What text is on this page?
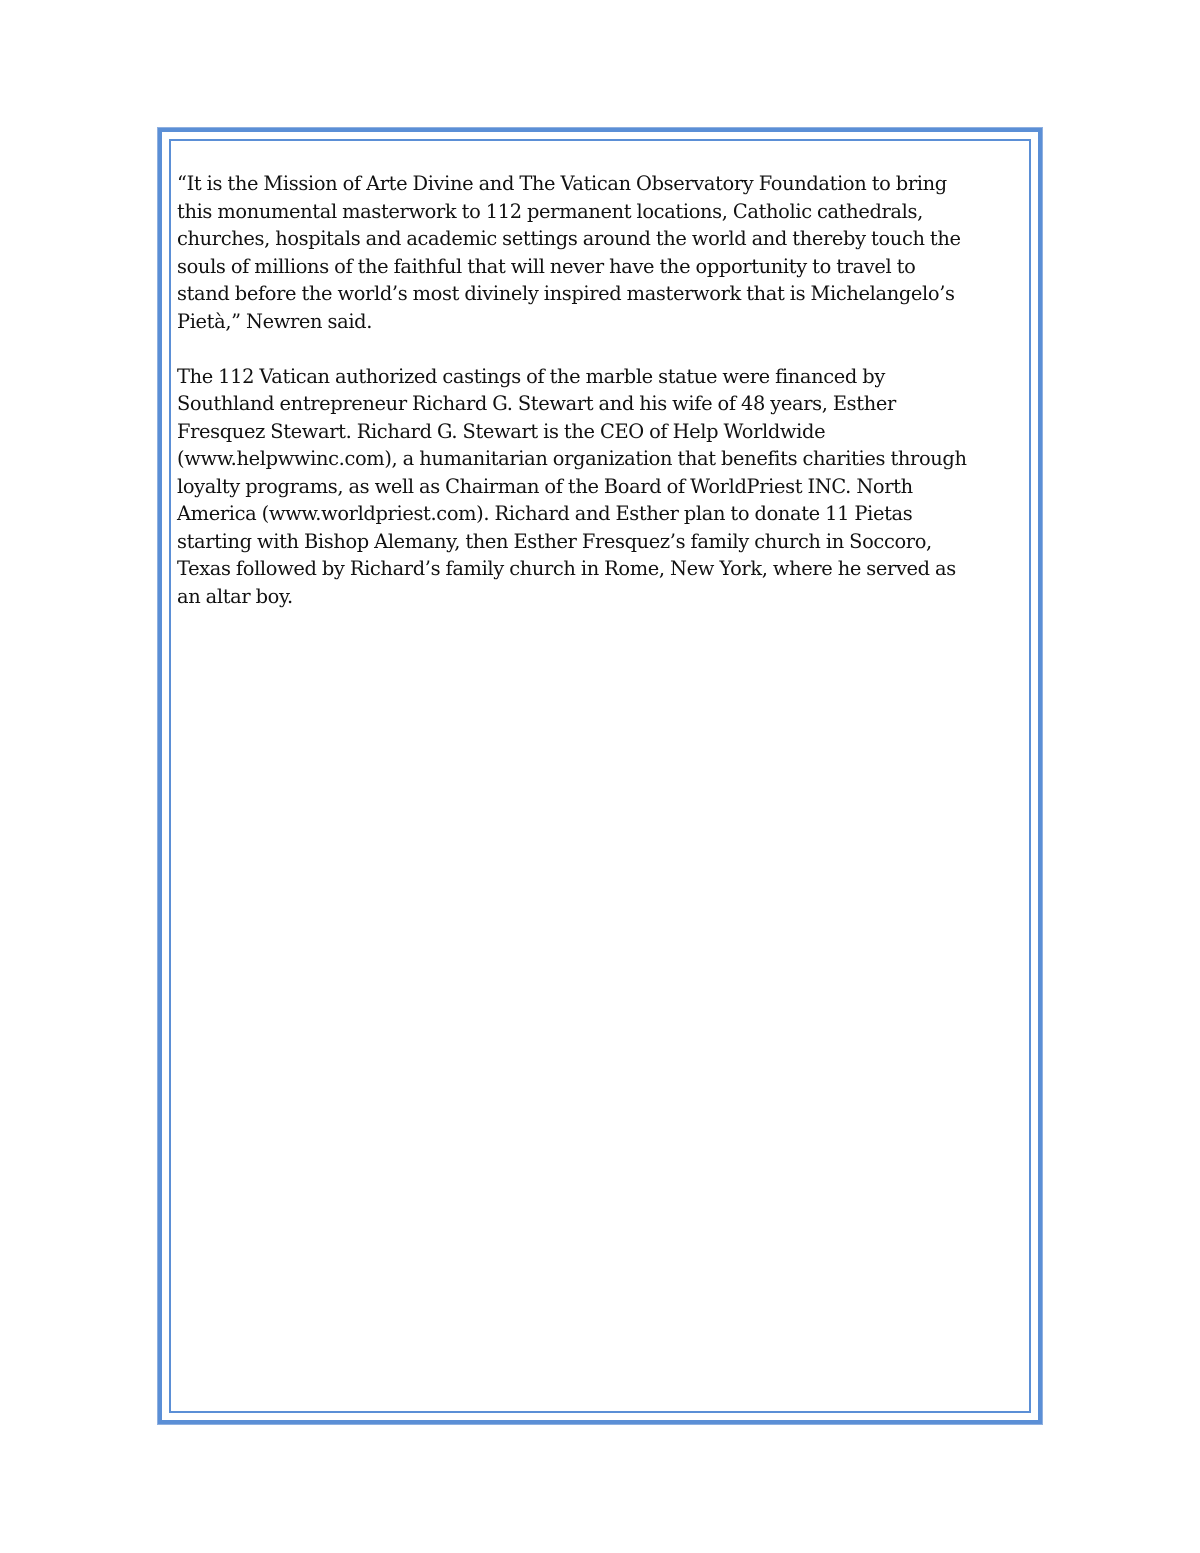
“It is the Mission of Arte Divine and The Vatican Observatory Foundation to bring
this monumental masterwork to 112 permanent locations, Catholic cathedrals,
churches, hospitals and academic settings around the world and thereby touch the
souls of millions of the faithful that will never have the opportunity to travel to
stand before the world’s most divinely inspired masterwork that is Michelangelo’s
Pietà,” Newren said.

The 112 Vatican authorized castings of the marble statue were financed by
Southland entrepreneur Richard G. Stewart and his wife of 48 years, Esther
Fresquez Stewart. Richard G. Stewart is the CEO of Help Worldwide
(www.helpwwinc.com), a humanitarian organization that benefits charities through
loyalty programs, as well as Chairman of the Board of WorldPriest INC. North
America (www.worldpriest.com). Richard and Esther plan to donate 11 Pietas
starting with Bishop Alemany, then Esther Fresquez’s family church in Soccoro,
Texas followed by Richard’s family church in Rome, New York, where he served as
an altar boy.
